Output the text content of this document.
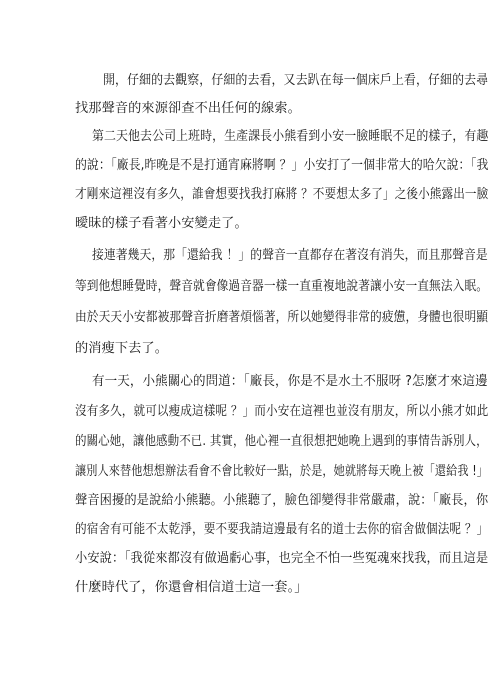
開，仔細的去觀察，仔細的去看，又去趴在每一個床戶上看，仔細的去尋
找那聲音的來源卻查不出任何的線索。
第二天他去公司上班時，生產課長小熊看到小安一臉睡眠不足的樣子，有趣
的說：「廠長,昨晚是不是打通宵麻將啊 ？」小安打了一個非常大的哈欠說：「我
才剛來這裡沒有多久，誰會想要找我打麻將 ？不要想太多了」之後小熊露出一臉
曖昧的樣子看著小安變走了。
接連著幾天，那「還給我 ！」的聲音一直都存在著沒有消失，而且那聲音是
等到他想睡覺時，聲音就會像過音器一樣一直重複地說著讓小安一直無法入眠。
由於天天小安都被那聲音折磨著煩惱著，所以她變得非常的疲憊，身體也很明顯
的消瘦下去了。
有一天，小熊關心的問道：「廠長，你是不是水土不服呀 ?怎麼才來這邊
沒有多久，就可以瘦成這樣呢 ？」而小安在這裡也並沒有朋友，所以小熊才如此
的關心她，讓他感動不已. 其實，他心裡一直很想把她晚上遇到的事情告訴別人，
讓別人來替他想想辦法看會不會比較好一點，於是，她就將每天晚上被「還給我 !」
聲音困擾的是說給小熊聽。小熊聽了，臉色卻變得非常嚴肅，說：「廠長，你
的宿舍有可能不太乾淨，要不要我請這邊最有名的道士去你的宿舍做個法呢 ？」
小安說：「我從來都沒有做過虧心事，也完全不怕一些冤魂來找我，而且這是
什麼時代了，你還會相信道士這一套。」
